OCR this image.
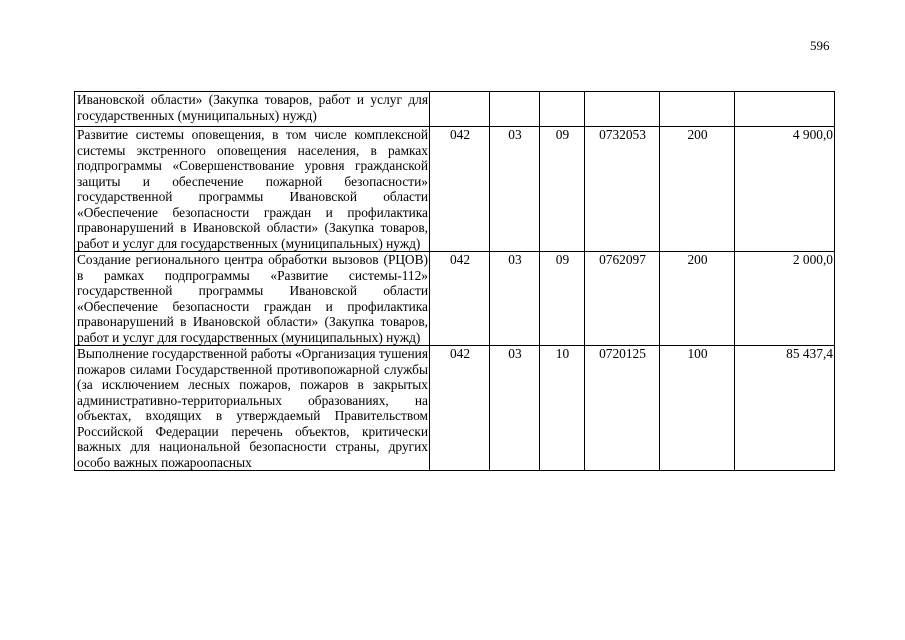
596
Ивановской области» (Закупка товаров, работ и услуг для государственных (муниципальных) нужд)						

Развитие системы оповещения, в том числе комплексной системы экстренного оповещения населения, в рамках подпрограммы «Совершенствование уровня гражданской защиты и обеспечение пожарной безопасности» государственной программы Ивановской области «Обеспечение безопасности граждан и профилактика правонарушений в Ивановской области» (Закупка товаров, работ и услуг для государственных (муниципальных) нужд)	042	03	09	0732053	200	4 900,0

Создание регионального центра обработки вызовов (РЦОВ) в рамках подпрограммы «Развитие системы-112» государственной программы Ивановской области «Обеспечение безопасности граждан и профилактика правонарушений в Ивановской области» (Закупка товаров, работ и услуг для государственных (муниципальных) нужд)	042	03	09	0762097	200	2 000,0

Выполнение государственной работы «Организация тушения пожаров силами Государственной противопожарной службы (за исключением лесных пожаров, пожаров в закрытых административно-территориальных образованиях, на объектах, входящих в утверждаемый Правительством Российской Федерации перечень объектов, критически важных для национальной безопасности страны, других особо важных пожароопасных	042	03	10	0720125	100	85 437,4
